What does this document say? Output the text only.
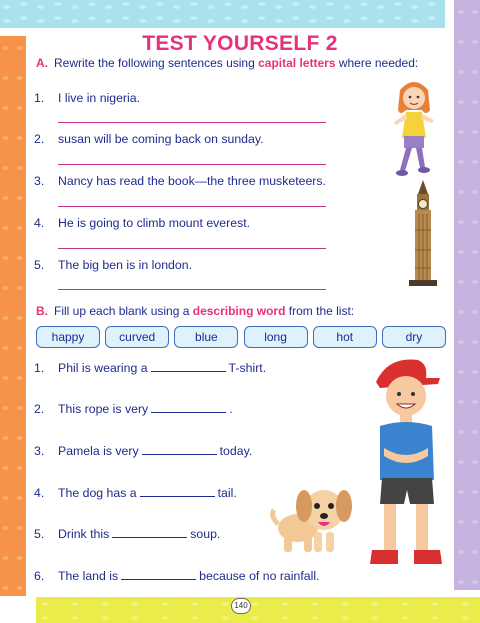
TEST YOURSELF 2
A. Rewrite the following sentences using capital letters where needed:
1. I live in nigeria.
2. susan will be coming back on sunday.
3. Nancy has read the book—the three musketeers.
4. He is going to climb mount everest.
5. The big ben is in london.
B. Fill up each blank using a describing word from the list:
happy	curved	blue	long	hot	dry
1. Phil is wearing a	T-shirt.
2. This rope is very	.
3. Pamela is very	today.
4. The dog has a	tail.
5. Drink this	soup.
6. The land is	because of no rainfall.
140
